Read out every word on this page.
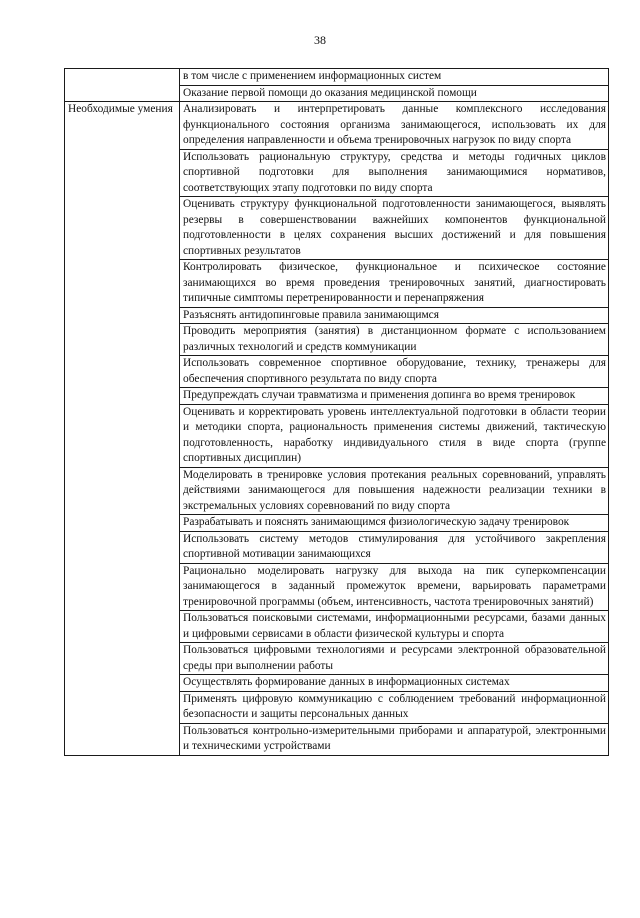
38
	в том числе с применением информационных систем
	Оказание первой помощи до оказания медицинской помощи
Необходимые умения	Анализировать и интерпретировать данные комплексного исследования функционального состояния организма занимающегося, использовать их для определения направленности и объема тренировочных нагрузок по виду спорта
	Использовать рациональную структуру, средства и методы годичных циклов спортивной подготовки для выполнения занимающимися нормативов, соответствующих этапу подготовки по виду спорта
	Оценивать структуру функциональной подготовленности занимающегося, выявлять резервы в совершенствовании важнейших компонентов функциональной подготовленности в целях сохранения высших достижений и для повышения спортивных результатов
	Контролировать физическое, функциональное и психическое состояние занимающихся во время проведения тренировочных занятий, диагностировать типичные симптомы перетренированности и перенапряжения
	Разъяснять антидопинговые правила занимающимся
	Проводить мероприятия (занятия) в дистанционном формате с использованием различных технологий и средств коммуникации
	Использовать современное спортивное оборудование, технику, тренажеры для обеспечения спортивного результата по виду спорта
	Предупреждать случаи травматизма и применения допинга во время тренировок
	Оценивать и корректировать уровень интеллектуальной подготовки в области теории и методики спорта, рациональность применения системы движений, тактическую подготовленность, наработку индивидуального стиля в виде спорта (группе спортивных дисциплин)
	Моделировать в тренировке условия протекания реальных соревнований, управлять действиями занимающегося для повышения надежности реализации техники в экстремальных условиях соревнований по виду спорта
	Разрабатывать и пояснять занимающимся физиологическую задачу тренировок
	Использовать систему методов стимулирования для устойчивого закрепления спортивной мотивации занимающихся
	Рационально моделировать нагрузку для выхода на пик суперкомпенсации занимающегося в заданный промежуток времени, варьировать параметрами тренировочной программы (объем, интенсивность, частота тренировочных занятий)
	Пользоваться поисковыми системами, информационными ресурсами, базами данных и цифровыми сервисами в области физической культуры и спорта
	Пользоваться цифровыми технологиями и ресурсами электронной образовательной среды при выполнении работы
	Осуществлять формирование данных в информационных системах
	Применять цифровую коммуникацию с соблюдением требований информационной безопасности и защиты персональных данных
	Пользоваться контрольно-измерительными приборами и аппаратурой, электронными и техническими устройствами
